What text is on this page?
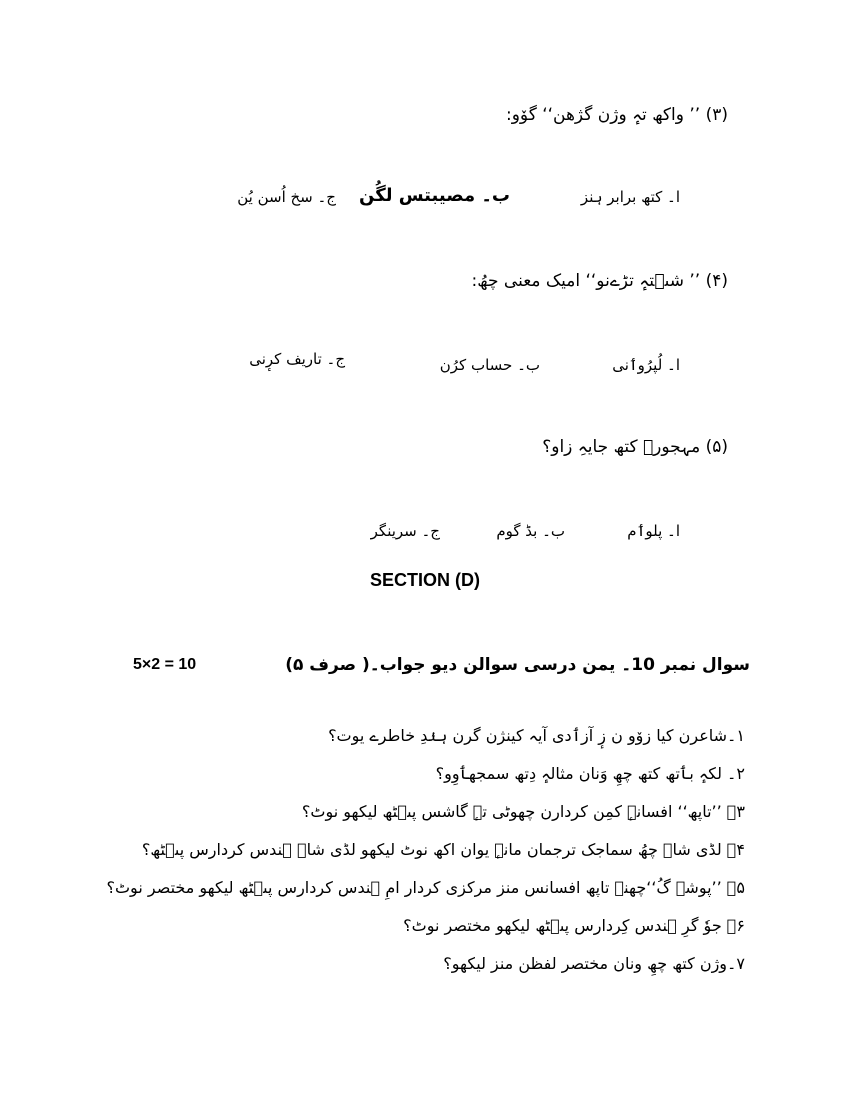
(۳) ’’ واکھ تہٕ وژن گژھن‘‘ گۆو:
ا۔ کتھ برابر ہنز
ب۔ مصیبتس لگُن
ج۔ سخ اُسن یُن
(۴) ’’ شٮ۪تہٕ تڑےنو‘‘ امیک معنی چھُ:
ا۔ لُپرُوٲنی
ب۔ حساب کرُن
ج۔ تاریف کرٕنی
(۵) مہجورؔ کتھ جایہِ زاو؟
ا۔ پلوٲم
ب۔ بڈ گوم
ج۔ سرینگر
SECTION (D)
سوال نمبر 10۔ یمن درسی سوالن دیو جواب۔( صرف ۵)
5×2 = 10
۱۔شاعرن کیا زۆو ن زٕ آزٲدی آیہ کینژن گرن ہنٛدِ خاطرے یوت؟
۲۔ لکہٕ بٲتھ کتھ چھِ وَنان مثالہٕ دِتھ سمجھٲوِو؟
۳۔ ’’تاپھ‘‘ افسانہٕ کمِن کردارن چھوٹی تہٕ گاشس پٮ۪ٹھ لیکھو نوٹ؟
۴۔ لڈی شاہ چھُ سماجک ترجمان مانہٕ یوان اکھ نوٹ لیکھو لڈی شاہ ہندس کردارس پٮ۪ٹھ؟
۵۔ ’’پوشہ گُ‘‘چھنے تاپھ افسانس منز مرکزی کردار امِ ہندس کردارس پٮ۪ٹھ لیکھو مختصر نوٹ؟
۶۔ جوٗ گرِ ہندس کِردارس پٮ۪ٹھ لیکھو مختصر نوٹ؟
۷۔وژن کتھ چھِ ونان مختصر لفظن منز لیکھو؟
